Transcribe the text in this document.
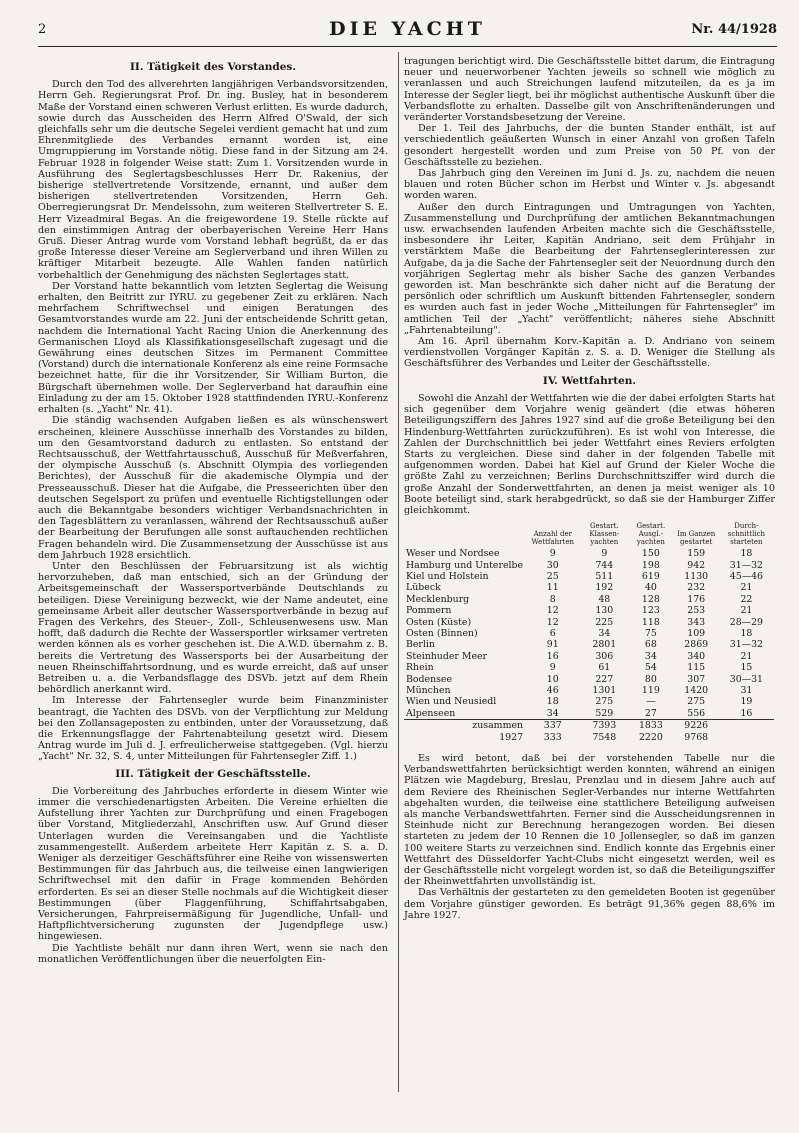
2	DIE YACHT	Nr. 44/1928
II. Tätigkeit des Vorstandes.

Durch den Tod des allverehrten langjährigen Verbandsvorsitzenden, Herrn Geh. Regierungsrat Prof. Dr. ing. Busley, hat in besonderem Maße der Vorstand einen schweren Verlust erlitten. Es wurde dadurch, sowie durch das Ausscheiden des Herrn Alfred O'Swald, der sich gleichfalls sehr um die deutsche Segelei verdient gemacht hat und zum Ehrenmitgliede des Verbandes ernannt worden ist, eine Umgruppierung im Vorstande nötig. Diese fand in der Sitzung am 24. Februar 1928 in folgender Weise statt: Zum 1. Vorsitzenden wurde in Ausführung des Seglertagsbeschlusses Herr Dr. Rakenius, der bisherige stellvertretende Vorsitzende, ernannt, und außer dem bisherigen stellvertretenden Vorsitzenden, Herrn Geh. Oberregierungsrat Dr. Mendelssohn, zum weiteren Stellvertreter S. E. Herr Vizeadmiral Begas. An die freigewordene 19. Stelle rückte auf den einstimmigen Antrag der oberbayerischen Vereine Herr Hans Gruß. Dieser Antrag wurde vom Vorstand lebhaft begrüßt, da er das große Interesse dieser Vereine am Seglerverband und ihren Willen zu kräftiger Mitarbeit bezeugte. Alle Wahlen fanden natürlich vorbehaltlich der Genehmigung des nächsten Seglertages statt.

Der Vorstand hatte bekanntlich vom letzten Seglertag die Weisung erhalten, den Beitritt zur IYRU. zu gegebener Zeit zu erklären. Nach mehrfachem Schriftwechsel und einigen Beratungen des Gesamtvorstandes wurde am 22. Juni der entscheidende Schritt getan, nachdem die International Yacht Racing Union die Anerkennung des Germanischen Lloyd als Klassifikationsgesellschaft zugesagt und die Gewährung eines deutschen Sitzes im Permanent Committee (Vorstand) durch die internationale Konferenz als eine reine Formsache bezeichnet hatte, für die ihr Vorsitzender, Sir William Burton, die Bürgschaft übernehmen wolle. Der Seglerverband hat daraufhin eine Einladung zu der am 15. Oktober 1928 stattfindenden IYRU.-Konferenz erhalten (s. „Yacht" Nr. 41).

Die ständig wachsenden Aufgaben ließen es als wünschenswert erscheinen, kleinere Ausschüsse innerhalb des Vorstandes zu bilden, um den Gesamtvorstand dadurch zu entlasten. So entstand der Rechtsausschuß, der Wettfahrtausschuß, Ausschuß für Meßverfahren, der olympische Ausschuß (s. Abschnitt Olympia des vorliegenden Berichtes), der Ausschuß für die akademische Olympia und der Presseausschuß. Dieser hat die Aufgabe, die Presseerichten über den deutschen Segelsport zu prüfen und eventuelle Richtigstellungen oder auch die Bekanntgabe besonders wichtiger Verbandsnachrichten in den Tagesblättern zu veranlassen, während der Rechtsausschuß außer der Bearbeitung der Berufungen alle sonst auftauchenden rechtlichen Fragen behandeln wird. Die Zusammensetzung der Ausschüsse ist aus dem Jahrbuch 1928 ersichtlich.

Unter den Beschlüssen der Februarsitzung ist als wichtig hervorzuheben, daß man entschied, sich an der Gründung der Arbeitsgemeinschaft der Wassersportverbände Deutschlands zu beteiligen. Diese Vereinigung bezweckt, wie der Name andeutet, eine gemeinsame Arbeit aller deutscher Wassersportverbände in bezug auf Fragen des Verkehrs, des Steuer-, Zoll-, Schleusenwesens usw. Man hofft, daß dadurch die Rechte der Wassersportler wirksamer vertreten werden können als es vorher geschehen ist. Die A.W.D. übernahm z. B. bereits die Vertretung des Wassersports bei der Ausarbeitung der neuen Rheinschiffahrtsordnung, und es wurde erreicht, daß auf unser Betreiben u. a. die Verbandsflagge des DSVb. jetzt auf dem Rhein behördlich anerkannt wird.

Im Interesse der Fahrtensegler wurde beim Finanzminister beantragt, die Yachten des DSVb. von der Verpflichtung zur Meldung bei den Zollansageposten zu entbinden, unter der Voraussetzung, daß die Erkennungsflagge der Fahrtenabteilung gesetzt wird. Diesem Antrag wurde im Juli d. J. erfreulicherweise stattgegeben. (Vgl. hierzu „Yacht" Nr. 32, S. 4, unter Mitteilungen für Fahrtensegler Ziff. 1.)

III. Tätigkeit der Geschäftsstelle.

Die Vorbereitung des Jahrbuches erforderte in diesem Winter wie immer die verschiedenartigsten Arbeiten. Die Vereine erhielten die Aufstellung ihrer Yachten zur Durchprüfung und einen Fragebogen über Vorstand, Mitgliederzahl, Anschriften usw. Auf Grund dieser Unterlagen wurden die Vereinsangaben und die Yachtliste zusammengestellt. Außerdem arbeitete Herr Kapitän z. S. a. D. Weniger als derzeitiger Geschäftsführer eine Reihe von wissenswerten Bestimmungen für das Jahrbuch aus, die teilweise einen langwierigen Schriftwechsel mit den dafür in Frage kommenden Behörden erforderten. Es sei an dieser Stelle nochmals auf die Wichtigkeit dieser Bestimmungen (über Flaggenführung, Schiffahrtsabgaben, Versicherungen, Fahrpreisermäßigung für Jugendliche, Unfall- und Haftpflichtversicherung zugunsten der Jugendpflege usw.) hingewiesen.

Die Yachtliste behält nur dann ihren Wert, wenn sie nach den monatlichen Veröffentlichungen über die neuerfolgten Ein-

tragungen berichtigt wird. Die Geschäftsstelle bittet darum, die Eintragung neuer und neuerworbener Yachten jeweils so schnell wie möglich zu veranlassen und auch Streichungen laufend mitzuteilen, da es ja im Interesse der Segler liegt, bei ihr möglichst authentische Auskunft über die Verbandsflotte zu erhalten. Dasselbe gilt von Anschriftenänderungen und veränderter Vorstandsbesetzung der Vereine.

Der 1. Teil des Jahrbuchs, der die bunten Stander enthält, ist auf verschiedentlich geäußerten Wunsch in einer Anzahl von großen Tafeln gesondert hergestellt worden und zum Preise von 50 Pf. von der Geschäftsstelle zu beziehen.

Das Jahrbuch ging den Vereinen im Juni d. Js. zu, nachdem die neuen blauen und roten Bücher schon im Herbst und Winter v. Js. abgesandt worden waren.

Außer den durch Eintragungen und Umtragungen von Yachten, Zusammenstellung und Durchprüfung der amtlichen Bekanntmachungen usw. erwachsenden laufenden Arbeiten machte sich die Geschäftsstelle, insbesondere ihr Leiter, Kapitän Andriano, seit dem Frühjahr in verstärktem Maße die Bearbeitung der Fahrtenseglerinteressen zur Aufgabe, da ja die Sache der Fahrtensegler seit der Neuordnung durch den vorjährigen Seglertag mehr als bisher Sache des ganzen Verbandes geworden ist. Man beschränkte sich daher nicht auf die Beratung der persönlich oder schriftlich um Auskunft bittenden Fahrtensegler, sondern es wurden auch fast in jeder Woche „Mitteilungen für Fahrtensegler" im amtlichen Teil der „Yacht" veröffentlicht; näheres siehe Abschnitt „Fahrtenabteilung".

Am 16. April übernahm Korv.-Kapitän a. D. Andriano von seinem verdienstvollen Vorgänger Kapitän z. S. a. D. Weniger die Stellung als Geschäftsführer des Verbandes und Leiter der Geschäftsstelle.

IV. Wettfahrten.

Sowohl die Anzahl der Wettfahrten wie die der dabei erfolgten Starts hat sich gegenüber dem Vorjahre wenig geändert (die etwas höheren Beteiligungsziffern des Jahres 1927 sind auf die große Beteiligung bei den Hindenburg-Wettfahrten zurückzuführen). Es ist wohl von Interesse, die Zahlen der Durchschnittlich bei jeder Wettfahrt eines Reviers erfolgten Starts zu vergleichen. Diese sind daher in der folgenden Tabelle mit aufgenommen worden. Dabei hat Kiel auf Grund der Kieler Woche die größte Zahl zu verzeichnen; Berlins Durchschnittsziffer wird durch die große Anzahl der Sonderwettfahrten, an denen ja meist weniger als 10 Boote beteiligt sind, stark herabgedrückt, so daß sie der Hamburger Ziffer gleichkommt.

	Anzahl der Wettfahrten	Gestart. Klassen-yachten	Gestart. Ausgl.-yachten	Im Ganzen gestartet	Durch-schnittlich starteten
Weser und Nordsee	9	9	150	159	18
Hamburg und Unterelbe	30	744	198	942	31—32
Kiel und Holstein	25	511	619	1130	45—46
Lübeck	11	192	40	232	21
Mecklenburg	8	48	128	176	22
Pommern	12	130	123	253	21
Osten (Küste)	12	225	118	343	28—29
Osten (Binnen)	6	34	75	109	18
Berlin	91	2801	68	2869	31—32
Steinhuder Meer	16	306	34	340	21
Rhein	9	61	54	115	15
Bodensee	10	227	80	307	30—31
München	46	1301	119	1420	31
Wien und Neusiedl	18	275	—	275	19
Alpenseen	34	529	27	556	16
zusammen	337	7393	1833	9226	
1927	333	7548	2220	9768	

Es wird betont, daß bei der vorstehenden Tabelle nur die Verbandswettfahrten berücksichtigt werden konnten, während an einigen Plätzen wie Magdeburg, Breslau, Prenzlau und in diesem Jahre auch auf dem Reviere des Rheinischen Segler-Verbandes nur interne Wettfahrten abgehalten wurden, die teilweise eine stattlichere Beteiligung aufweisen als manche Verbandswettfahrten. Ferner sind die Ausscheidungsrennen in Steinhude nicht zur Berechnung herangezogen worden. Bei diesen starteten zu jedem der 10 Rennen die 10 Jollensegler, so daß im ganzen 100 weitere Starts zu verzeichnen sind. Endlich konnte das Ergebnis einer Wettfahrt des Düsseldorfer Yacht-Clubs nicht eingesetzt werden, weil es der Geschäftsstelle nicht vorgelegt worden ist, so daß die Beteiligungsziffer der Rheinwettfahrten unvollständig ist.

Das Verhältnis der gestarteten zu den gemeldeten Booten ist gegenüber dem Vorjahre günstiger geworden. Es beträgt 91,36% gegen 88,6% im Jahre 1927.
